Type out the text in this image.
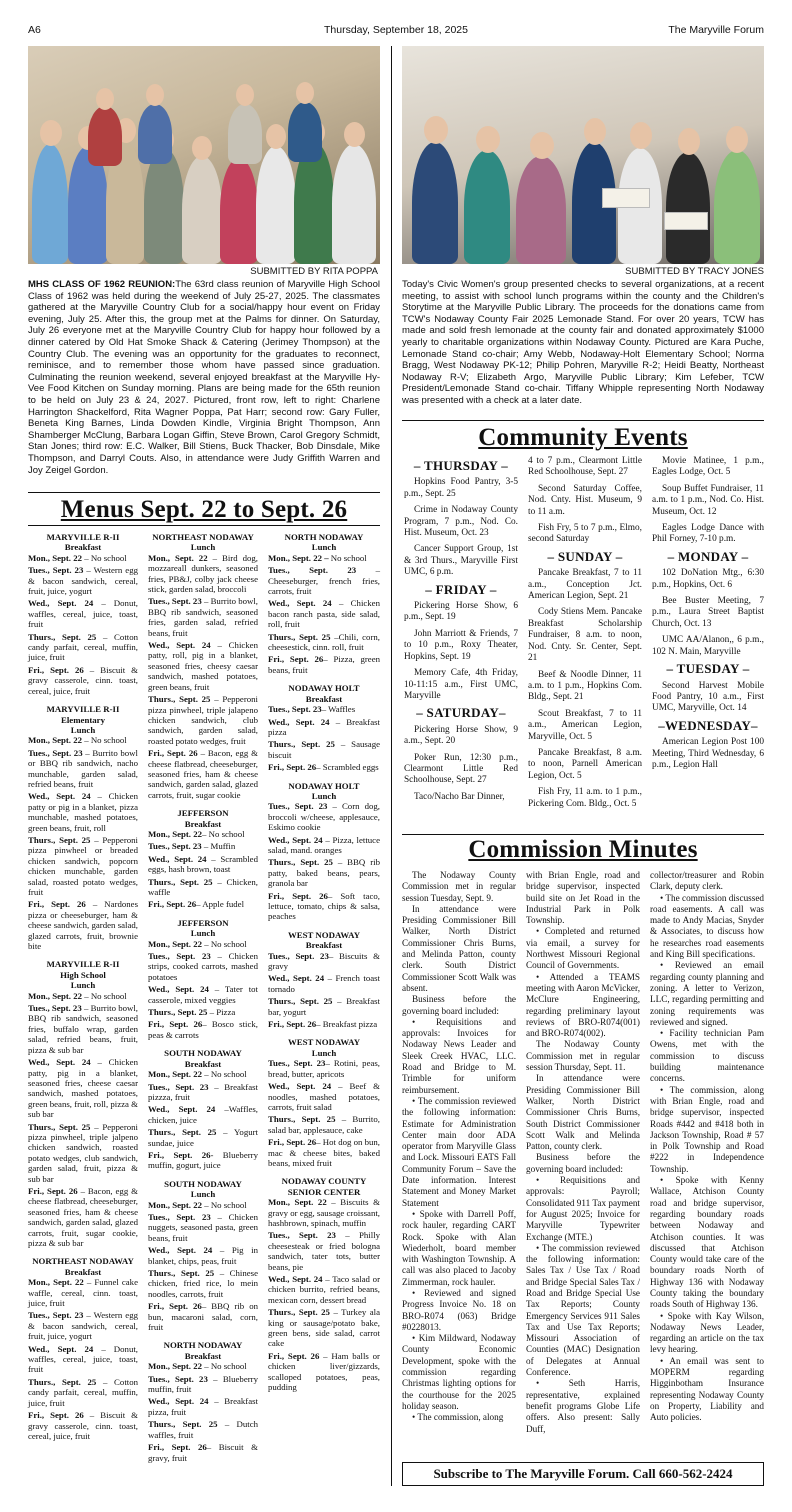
A6	Thursday, September 18, 2025	The Maryville Forum
SUBMITTED BY RITA POPPA	SUBMITTED BY TRACY JONES
MHS CLASS OF 1962 REUNION:The 63rd class reunion of Maryville High School Class of 1962 was held during the weekend of July 25-27, 2025. The classmates gathered at the Maryville Country Club for a social/happy hour event on Friday evening, July 25. After this, the group met at the Palms for dinner. On Saturday, July 26 everyone met at the Maryville Country Club for happy hour followed by a dinner catered by Old Hat Smoke Shack & Catering (Jerimey Thompson) at the Country Club. The evening was an opportunity for the graduates to reconnect, reminisce, and to remember those whom have passed since graduation. Culminating the reunion weekend, several enjoyed breakfast at the Maryville Hy-Vee Food Kitchen on Sunday morning. Plans are being made for the 65th reunion to be held on July 23 & 24, 2027. Pictured, front row, left to right: Charlene Harrington Shackelford, Rita Wagner Poppa, Pat Harr; second row: Gary Fuller, Beneta King Barnes, Linda Dowden Kindle, Virginia Bright Thompson, Ann Shamberger McClung, Barbara Logan Giffin, Steve Brown, Carol Gregory Schmidt, Stan Jones; third row: E.C. Walker, Bill Stiens, Buck Thacker, Bob Dinsdale, Mike Thompson, and Darryl Couts. Also, in attendance were Judy Griffith Warren and Joy Zeigel Gordon.
Today's Civic Women's group presented checks to several organizations, at a recent meeting, to assist with school lunch programs within the county and the Children's Storytime at the Maryville Public Library. The proceeds for the donations came from TCW's Nodaway County Fair 2025 Lemonade Stand. For over 20 years, TCW has made and sold fresh lemonade at the county fair and donated approximately $1000 yearly to charitable organizations within Nodaway County. Pictured are Kara Puche, Lemonade Stand co-chair; Amy Webb, Nodaway-Holt Elementary School; Norma Bragg, West Nodaway PK-12; Philip Pohren, Maryville R-2; Heidi Beatty, Northeast Nodaway R-V; Elizabeth Argo, Maryville Public Library; Kim Lefeber, TCW President/Lemonade Stand co-chair. Tiffany Whipple representing North Nodaway was presented with a check at a later date.
Menus Sept. 22 to Sept. 26
MARYVILLE R-II
Breakfast

Mon., Sept. 22 – No school

Tues., Sept. 23 – Western egg & bacon sandwich, cereal, fruit, juice, yogurt

Wed., Sept. 24 – Donut, waffles, cereal, juice, toast, fruit

Thurs., Sept. 25 – Cotton candy parfait, cereal, muffin, juice, fruit

Fri., Sept. 26 – Biscuit & gravy casserole, cinn. toast, cereal, juice, fruit

MARYVILLE R-II
Elementary
Lunch

Mon., Sept. 22 – No school

Tues., Sept. 23 – Burrito bowl or BBQ rib sandwich, nacho munchable, garden salad, refried beans, fruit

Wed., Sept. 24 – Chicken patty or pig in a blanket, pizza munchable, mashed potatoes, green beans, fruit, roll

Thurs., Sept. 25 – Pepperoni pizza pinwheel or breaded chicken sandwich, popcorn chicken munchable, garden salad, roasted potato wedges, fruit

Fri., Sept. 26 – Nardones pizza or cheeseburger, ham & cheese sandwich, garden salad, glazed carrots, fruit, brownie bite

MARYVILLE R-II
High School
Lunch

Mon., Sept. 22 – No school

Tues., Sept. 23 – Burrito bowl, BBQ rib sandwich, seasoned fries, buffalo wrap, garden salad, refried beans, fruit, pizza & sub bar

Wed., Sept. 24 – Chicken patty, pig in a blanket, seasoned fries, cheese caesar sandwich, mashed potatoes, green beans, fruit, roll, pizza & sub bar

Thurs., Sept. 25 – Pepperoni pizza pinwheel, triple jalpeno chicken sandwich, roasted potato wedges, club sandwich, garden salad, fruit, pizza & sub bar

Fri., Sept. 26 – Bacon, egg & cheese flatbread, cheeseburger, seasoned fries, ham & cheese sandwich, garden salad, glazed carrots, fruit, sugar cookie, pizza & sub bar

NORTHEAST NODAWAY
Breakfast

Mon., Sept. 22 – Funnel cake waffle, cereal, cinn. toast, juice, fruit

Tues., Sept. 23 – Western egg & bacon sandwich, cereal, fruit, juice, yogurt

Wed., Sept. 24 – Donut, waffles, cereal, juice, toast, fruit

Thurs., Sept. 25 – Cotton candy parfait, cereal, muffin, juice, fruit

Fri., Sept. 26 – Biscuit & gravy casserole, cinn. toast, cereal, juice, fruit

NORTHEAST NODAWAY
Lunch

Mon., Sept. 22 – Bird dog, mozzareall dunkers, seasoned fries, PB&J, colby jack cheese stick, garden salad, broccoli

Tues., Sept. 23 – Burrito bowl, BBQ rib sandwich, seasoned fries, garden salad, refried beans, fruit

Wed., Sept. 24 – Chicken patty, roll, pig in a blanket, seasoned fries, cheesy caesar sandwich, mashed potatoes, green beans, fruit

Thurs., Sept. 25 – Pepperoni pizza pinwheel, triple jalapeno chicken sandwich, club sandwich, garden salad, roasted potato wedges, fruit

Fri., Sept. 26 – Bacon, egg & cheese flatbread, cheeseburger, seasoned fries, ham & cheese sandwich, garden salad, glazed carrots, fruit, sugar cookie

JEFFERSON
Breakfast

Mon., Sept. 22– No school

Tues., Sept. 23 – Muffin

Wed., Sept. 24 – Scrambled eggs, hash brown, toast

Thurs., Sept. 25 – Chicken, waffle

Fri., Sept. 26– Apple fudel

JEFFERSON
Lunch

Mon., Sept. 22 – No school

Tues., Sept. 23 – Chicken strips, cooked carrots, mashed potatoes

Wed., Sept. 24 – Tater tot casserole, mixed veggies

Thurs., Sept. 25 – Pizza

Fri., Sept. 26– Bosco stick, peas & carrots

SOUTH NODAWAY
Breakfast

Mon., Sept. 22 – No school

Tues., Sept. 23 – Breakfast pizzza, fruit

Wed., Sept. 24 –Waffles, chicken, juice

Thurs., Sept. 25 – Yogurt sundae, juice

Fri., Sept. 26- Blueberry muffin, gogurt, juice

SOUTH NODAWAY
Lunch

Mon., Sept. 22 – No school

Tues., Sept. 23 – Chicken nuggets, seasoned pasta, green beans, fruit

Wed., Sept. 24 – Pig in blanket, chips, peas, fruit

Thurs., Sept. 25 – Chinese chicken, fried rice, lo mein noodles, carrots, fruit

Fri., Sept. 26– BBQ rib on bun, macaroni salad, corn, fruit

NORTH NODAWAY
Breakfast

Mon., Sept. 22 – No school

Tues., Sept. 23 – Blueberry muffin, fruit

Wed., Sept. 24 – Breakfast pizza, fruit

Thurs., Sept. 25 – Dutch waffles, fruit

Fri., Sept. 26– Biscuit & gravy, fruit

NORTH NODAWAY
Lunch

Mon., Sept. 22 – No school

Tues., Sept. 23 – Cheeseburger, french fries, carrots, fruit

Wed., Sept. 24 – Chicken bacon ranch pasta, side salad, roll, fruit

Thurs., Sept. 25 –Chili, corn, cheesestick, cinn. roll, fruit

Fri., Sept. 26– Pizza, green beans, fruit

NODAWAY HOLT
Breakfast

Tues., Sept. 23– Waffles

Wed., Sept. 24 – Breakfast pizza

Thurs., Sept. 25 – Sausage biscuit

Fri., Sept. 26– Scrambled eggs

NODAWAY HOLT
Lunch

Tues., Sept. 23 – Corn dog, broccoli w/cheese, applesauce, Eskimo cookie

Wed., Sept. 24 – Pizza, lettuce salad, mand. oranges

Thurs., Sept. 25 – BBQ rib patty, baked beans, pears, granola bar

Fri., Sept. 26– Soft taco, lettuce, tomato, chips & salsa, peaches

WEST NODAWAY
Breakfast

Tues., Sept. 23– Biscuits & gravy

Wed., Sept. 24 – French toast tornado

Thurs., Sept. 25 – Breakfast bar, yogurt

Fri., Sept. 26– Breakfast pizza

WEST NODAWAY
Lunch

Tues., Sept. 23– Rotini, peas, bread, butter, apricots

Wed., Sept. 24 – Beef & noodles, mashed potatoes, carrots, fruit salad

Thurs., Sept. 25 – Burrito, salad bar, applesauce, cake

Fri., Sept. 26– Hot dog on bun, mac & cheese bites, baked beans, mixed fruit

NODAWAY COUNTY
SENIOR CENTER

Mon., Sept. 22 – Biscuits & gravy or egg, sausage croissant, hashbrown, spinach, muffin

Tues., Sept. 23 – Philly cheesesteak or fried bologna sandwich, tater tots, butter beans, pie

Wed., Sept. 24 – Taco salad or chicken burrito, refried beans, mexican corn, dessert bread

Thurs., Sept. 25 – Turkey ala king or sausage/potato bake, green bens, side salad, carrot cake

Fri., Sept. 26 – Ham balls or chicken liver/gizzards, scalloped potatoes, peas, pudding

Community Events
– THURSDAY –

Hopkins Food Pantry, 3-5 p.m., Sept. 25

Crime in Nodaway County Program, 7 p.m., Nod. Co. Hist. Museum, Oct. 23

Cancer Support Group, 1st & 3rd Thurs., Maryville First UMC, 6 p.m.

– FRIDAY –

Pickering Horse Show, 6 p.m., Sept. 19

John Marriott & Friends, 7 to 10 p.m., Roxy Theater, Hopkins, Sept. 19

Memory Cafe, 4th Friday, 10-11:15 a.m., First UMC, Maryville

– SATURDAY–

Pickering Horse Show, 9 a.m., Sept. 20

Poker Run, 12:30 p.m., Clearmont Little Red Schoolhouse, Sept. 27

Taco/Nacho Bar Dinner,

4 to 7 p.m., Clearmont Little Red Schoolhouse, Sept. 27

Second Saturday Coffee, Nod. Cnty. Hist. Museum, 9 to 11 a.m.

Fish Fry, 5 to 7 p.m., Elmo, second Saturday

– SUNDAY –

Pancake Breakfast, 7 to 11 a.m., Conception Jct. American Legion, Sept. 21

Cody Stiens Mem. Pancake Breakfast Scholarship Fundraiser, 8 a.m. to noon, Nod. Cnty. Sr. Center, Sept. 21

Beef & Noodle Dinner, 11 a.m. to 1 p.m., Hopkins Com. Bldg., Sept. 21

Scout Breakfast, 7 to 11 a.m., American Legion, Maryville, Oct. 5

Pancake Breakfast, 8 a.m. to noon, Parnell American Legion, Oct. 5

Fish Fry, 11 a.m. to 1 p.m., Pickering Com. Bldg., Oct. 5

Movie Matinee, 1 p.m., Eagles Lodge, Oct. 5

Soup Buffet Fundraiser, 11 a.m. to 1 p.m., Nod. Co. Hist. Museum, Oct. 12

Eagles Lodge Dance with Phil Forney, 7-10 p.m.

– MONDAY –

102 DoNation Mtg., 6:30 p.m., Hopkins, Oct. 6

Bee Buster Meeting, 7 p.m., Laura Street Baptist Church, Oct. 13

UMC AA/Alanon,, 6 p.m., 102 N. Main, Maryville

– TUESDAY –

Second Harvest Mobile Food Pantry, 10 a.m., First UMC, Maryville, Oct. 14

–WEDNESDAY–

American Legion Post 100 Meeting, Third Wednesday, 6 p.m., Legion Hall

Commission Minutes

The Nodaway County Commission met in regular session Tuesday, Sept. 9.

In attendance were Presiding Commissioner Bill Walker, North District Commissioner Chris Burns, and Melinda Patton, county clerk. South District Commissioner Scott Walk was absent.

Business before the governing board included:

• Requisitions and approvals: Invoices for Nodaway News Leader and Sleek Creek HVAC, LLC. Road and Bridge to M. Trimble for uniform reimbursement.

• The commission reviewed the following information: Estimate for Administration Center main door ADA operator from Maryville Glass and Lock. Missouri EATS Fall Community Forum – Save the Date information. Interest Statement and Money Market Statement

• Spoke with Darrell Poff, rock hauler, regarding CART Rock. Spoke with Alan Wiederholt, board member with Washington Township. A call was also placed to Jacoby Zimmerman, rock hauler.

• Reviewed and signed Progress Invoice No. 18 on BRO-R074 (063) Bridge #0228013.

• Kim Mildward, Nodaway County Economic Development, spoke with the commission regarding Christmas lighting options for the courthouse for the 2025 holiday season.

• The commission, along

with Brian Engle, road and bridge supervisor, inspected build site on Jet Road in the Industrial Park in Polk Township.

• Completed and returned via email, a survey for Northwest Missouri Regional Council of Governments.

• Attended a TEAMS meeting with Aaron McVicker, McClure Engineering, regarding preliminary layout reviews of BRO-R074(001) and BRO-R074(002).

The Nodaway County Commission met in regular session Thursday, Sept. 11.

In attendance were Presiding Commissioner Bill Walker, North District Commissioner Chris Burns, South District Commissioner Scott Walk and Melinda Patton, county clerk.

Business before the governing board included:

• Requisitions and approvals: Payroll; Consolidated 911 Tax payment for August 2025; Invoice for Maryville Typewriter Exchange (MTE.)

• The commission reviewed the following information: Sales Tax / Use Tax / Road and Bridge Special Sales Tax / Road and Bridge Special Use Tax Reports; County Emergency Services 911 Sales Tax and Use Tax Reports; Missouri Association of Counties (MAC) Designation of Delegates at Annual Conference.

• Seth Harris, representative, explained benefit programs Globe Life offers. Also present: Sally Duff,

collector/treasurer and Robin Clark, deputy clerk.

• The commission discussed road easements. A call was made to Andy Macias, Snyder & Associates, to discuss how he researches road easements and King Bill specifications.

• Reviewed an email regarding county planning and zoning. A letter to Verizon, LLC, regarding permitting and zoning requirements was reviewed and signed.

• Facility technician Pam Owens, met with the commission to discuss building maintenance concerns.

• The commission, along with Brian Engle, road and bridge supervisor, inspected Roads #442 and #418 both in Jackson Township, Road # 57 in Polk Township and Road #222 in Independence Township.

• Spoke with Kenny Wallace, Atchison County road and bridge supervisor, regarding boundary roads between Nodaway and Atchison counties. It was discussed that Atchison County would take care of the boundary roads North of Highway 136 with Nodaway County taking the boundary roads South of Highway 136.

• Spoke with Kay Wilson, Nodaway News Leader, regarding an article on the tax levy hearing.

• An email was sent to MOPERM regarding Higginbotham Insurance representing Nodaway County on Property, Liability and Auto policies.

Subscribe to The Maryville Forum. Call 660-562-2424
